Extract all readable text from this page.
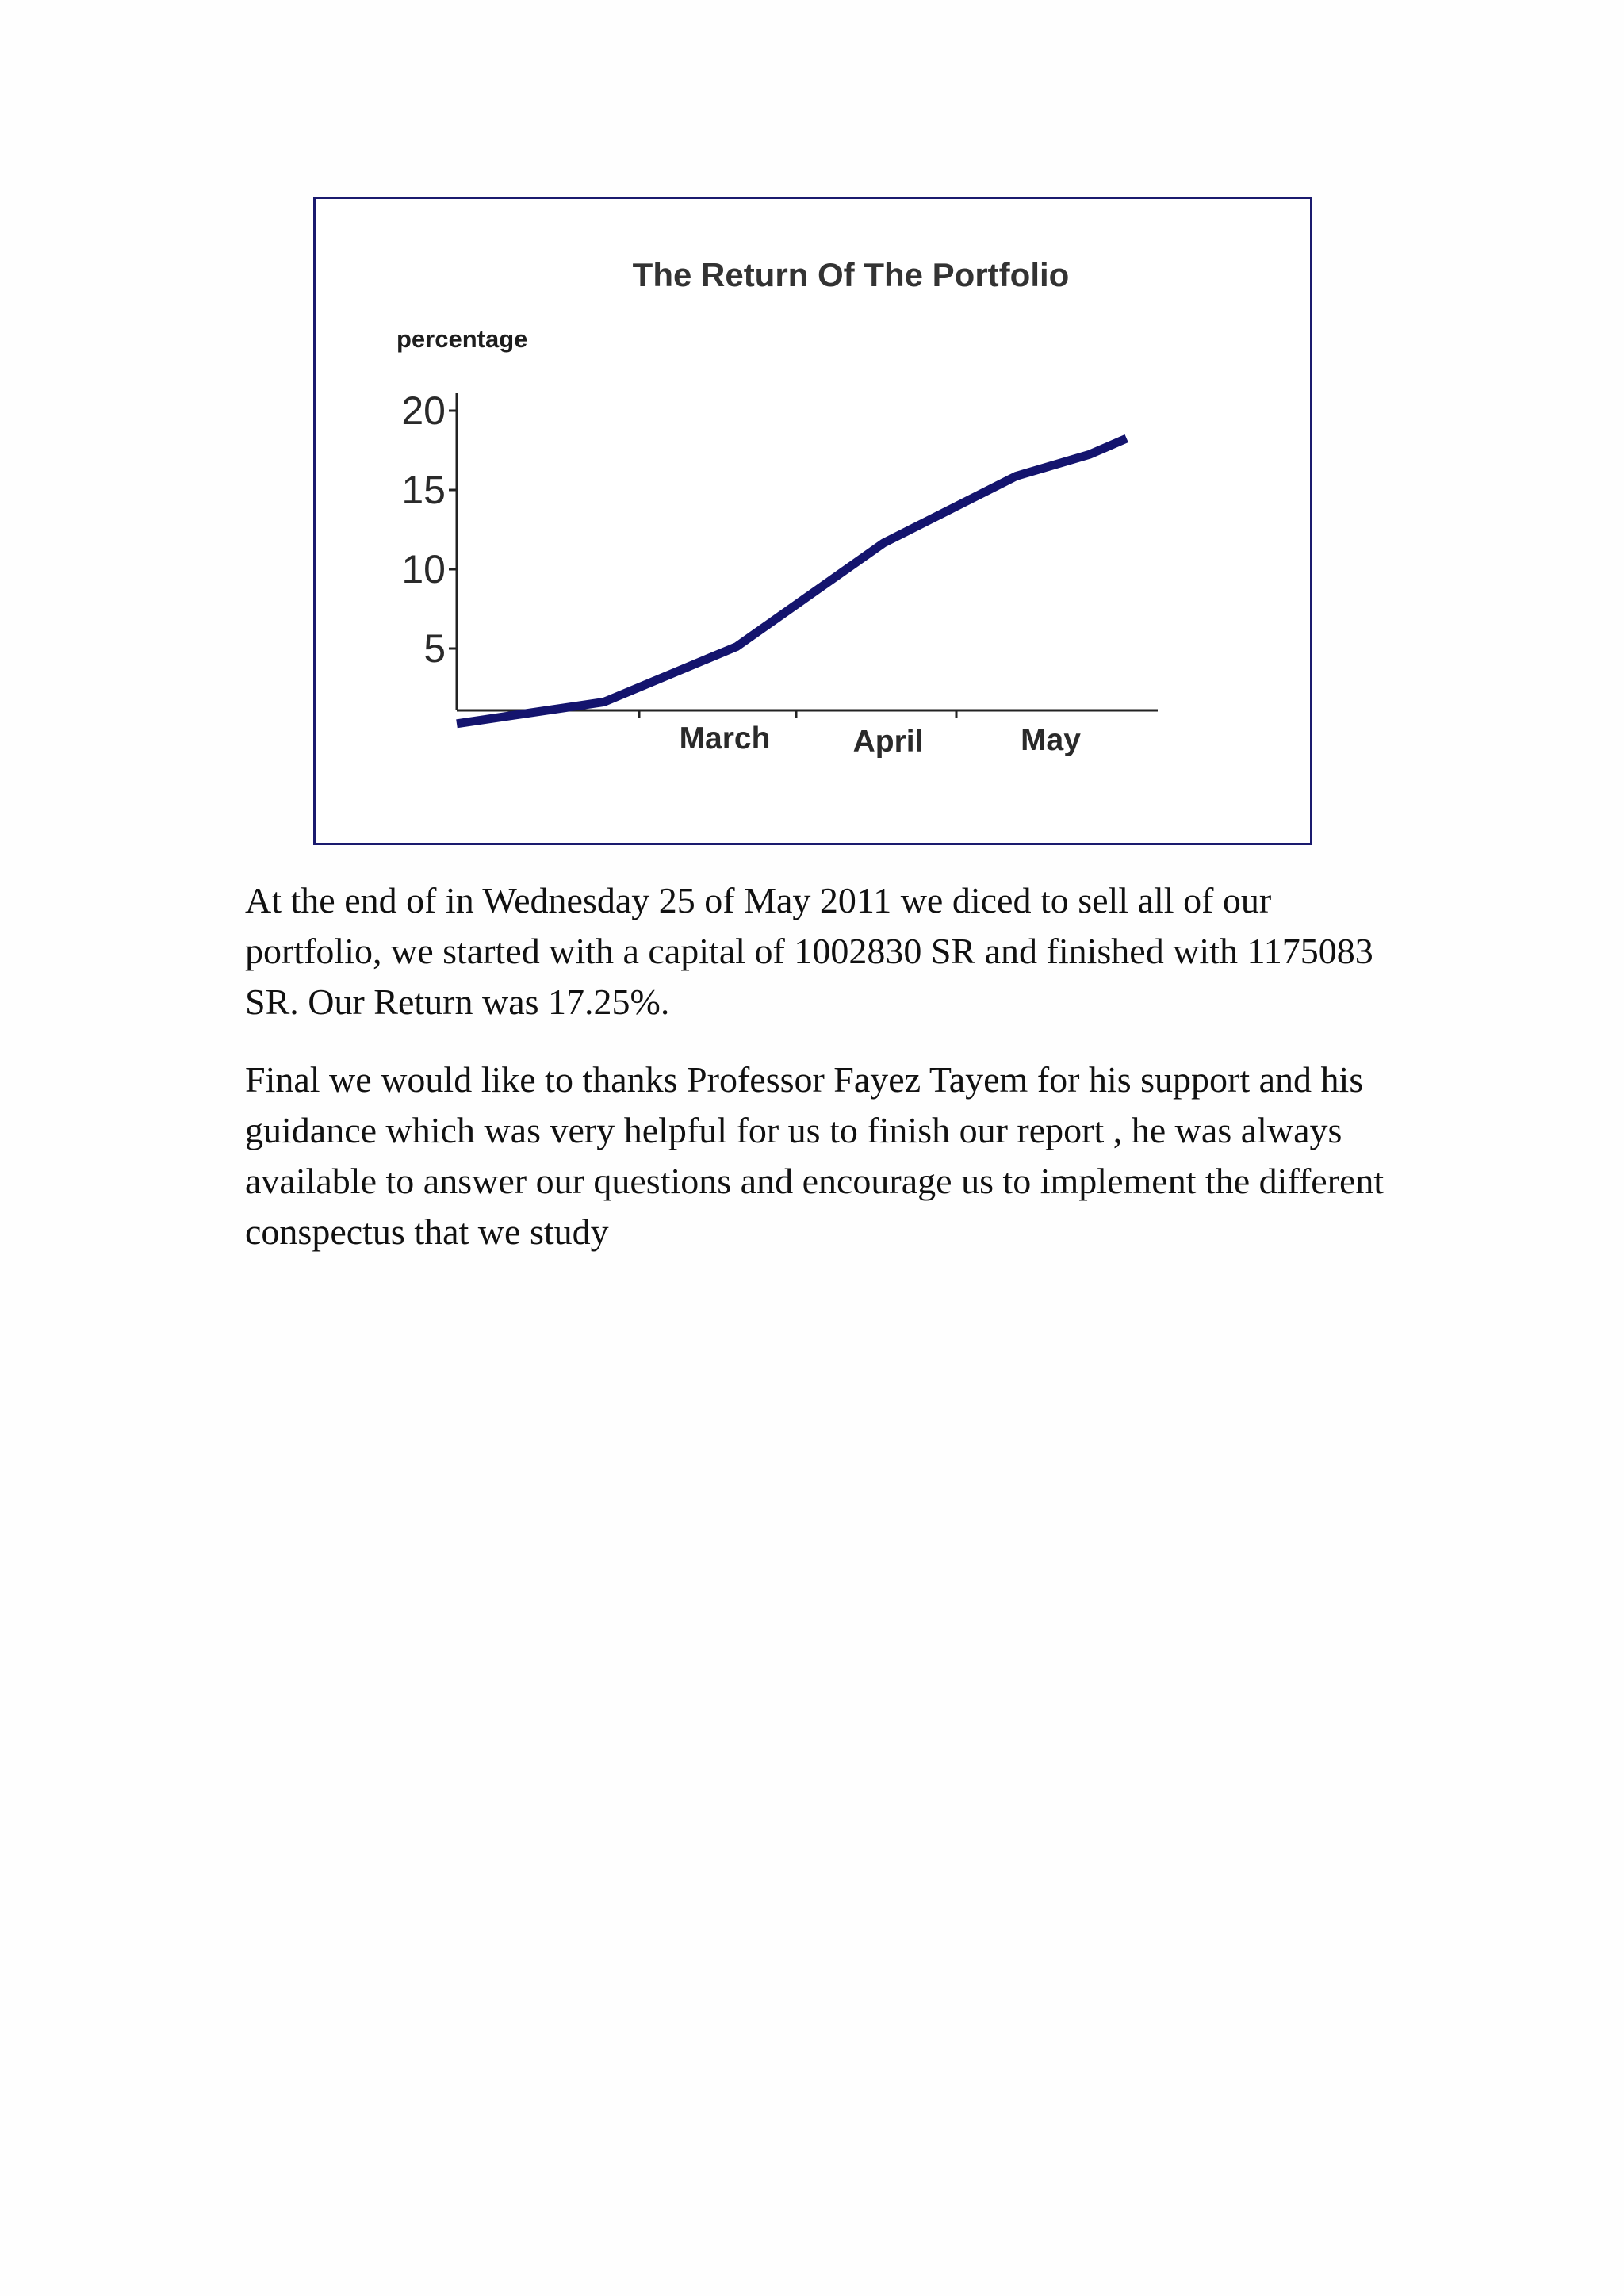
The Return Of The Portfolio
percentage
5
10
15
20
March	April	May

At the end of in Wednesday 25 of May 2011 we diced to sell all of our portfolio, we started with a capital of 1002830 SR and finished with 1175083 SR. Our Return was 17.25%.

Final we would like to thanks Professor Fayez Tayem for his support and his guidance which was very helpful for us to finish our report , he was always available to answer our questions and encourage us to implement the different conspectus that we study
